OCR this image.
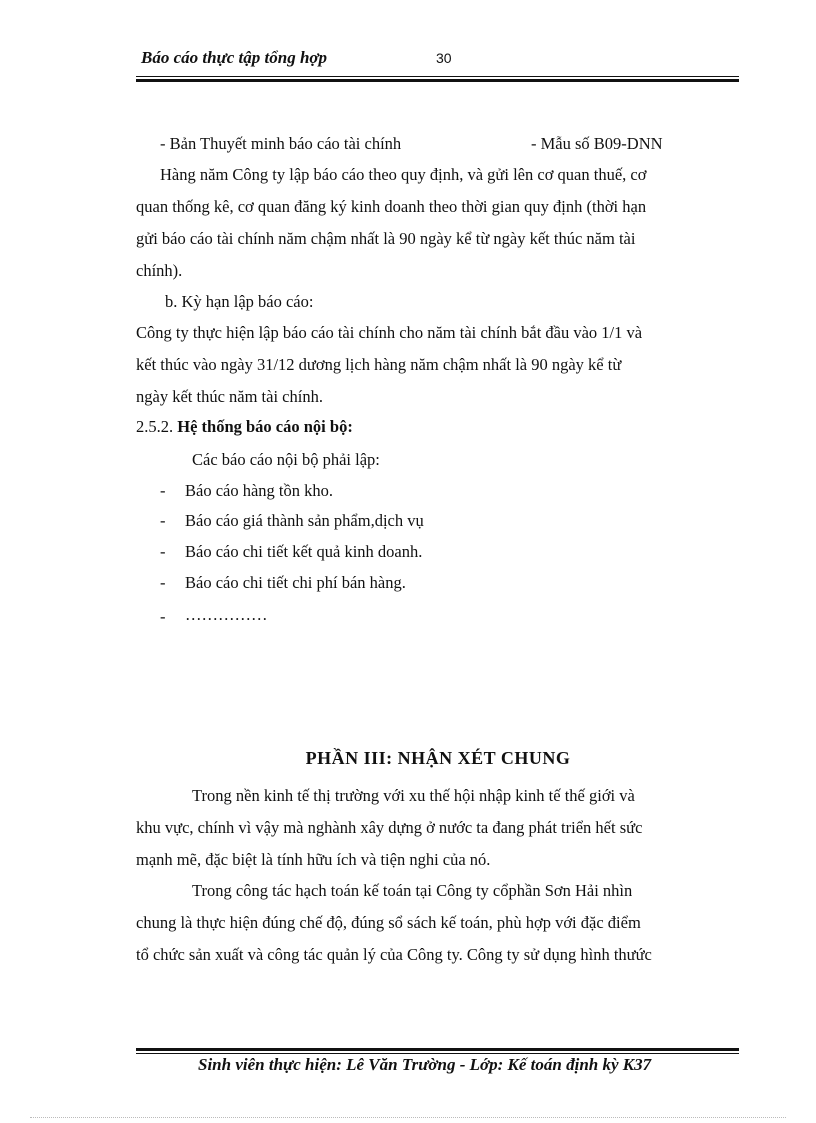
Báo cáo thực tập tổng hợp	30
- Bản Thuyết minh báo cáo tài chính	- Mẫu số B09-DNN
Hàng năm Công ty lập báo cáo theo quy định, và gửi lên cơ quan thuế, cơ
quan thống kê, cơ quan đăng ký kinh doanh theo thời gian quy định (thời hạn
gửi báo cáo tài chính năm chậm nhất là 90 ngày kể từ ngày kết thúc năm tài
chính).
b. Kỳ hạn lập báo cáo:
Công ty thực hiện lập báo cáo tài chính cho năm tài chính bắt đầu vào 1/1 và
kết thúc vào ngày 31/12 dương lịch hàng năm chậm nhất là 90 ngày kể từ
ngày kết thúc năm tài chính.
2.5.2. Hệ thống báo cáo nội bộ:
Các báo cáo nội bộ phải lập:
- Báo cáo hàng tồn kho.
- Báo cáo giá thành sản phẩm,dịch vụ
- Báo cáo chi tiết kết quả kinh doanh.
- Báo cáo chi tiết chi phí bán hàng.
- ……………
PHẦN III: NHẬN XÉT CHUNG
Trong nền kinh tế thị trường với xu thế hội nhập kinh tế thế giới và
khu vực, chính vì vậy mà nghành xây dựng ở nước ta đang phát triển hết sức
mạnh mẽ, đặc biệt là tính hữu ích và tiện nghi của nó.
Trong công tác hạch toán kế toán tại Công ty cổphần Sơn Hải nhìn
chung là thực hiện đúng chế độ, đúng sổ sách kế toán, phù hợp với đặc điểm
tổ chức sản xuất và công tác quản lý của Công ty. Công ty sử dụng hình thưức
Sinh viên thực hiện: Lê Văn Trường - Lớp: Kế toán định kỳ K37
